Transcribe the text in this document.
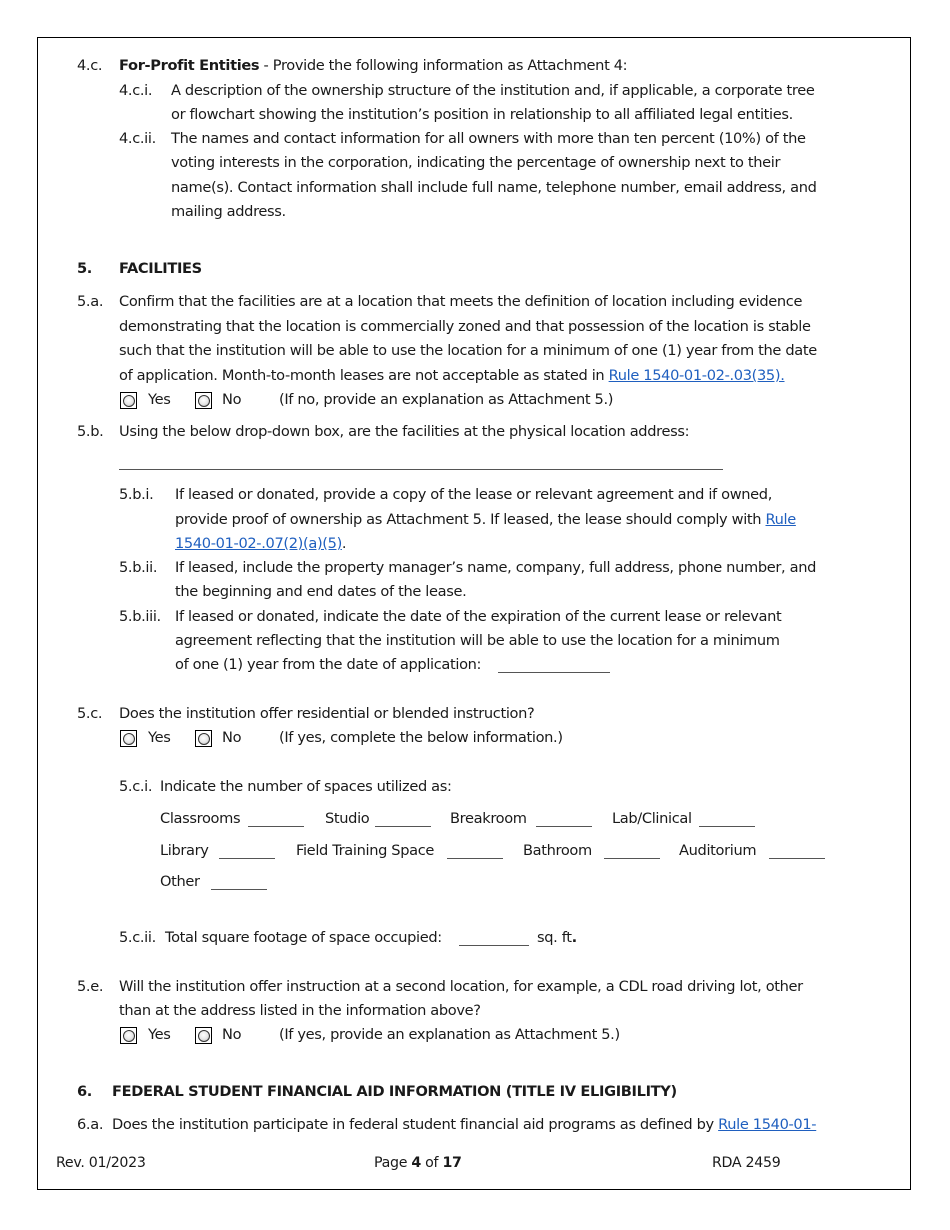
4.c. For-Profit Entities - Provide the following information as Attachment 4:
4.c.i. A description of the ownership structure of the institution and, if applicable, a corporate tree
or flowchart showing the institution’s position in relationship to all affiliated legal entities.
4.c.ii. The names and contact information for all owners with more than ten percent (10%) of the
voting interests in the corporation, indicating the percentage of ownership next to their
name(s). Contact information shall include full name, telephone number, email address, and
mailing address.
5. FACILITIES
5.a. Confirm that the facilities are at a location that meets the definition of location including evidence
demonstrating that the location is commercially zoned and that possession of the location is stable
such that the institution will be able to use the location for a minimum of one (1) year from the date
of application. Month-to-month leases are not acceptable as stated in Rule 1540-01-02-.03(35).
Yes	No	(If no, provide an explanation as Attachment 5.)
5.b. Using the below drop-down box, are the facilities at the physical location address:
5.b.i. If leased or donated, provide a copy of the lease or relevant agreement and if owned,
provide proof of ownership as Attachment 5. If leased, the lease should comply with Rule
1540-01-02-.07(2)(a)(5).
5.b.ii. If leased, include the property manager’s name, company, full address, phone number, and
the beginning and end dates of the lease.
5.b.iii. If leased or donated, indicate the date of the expiration of the current lease or relevant
agreement reflecting that the institution will be able to use the location for a minimum
of one (1) year from the date of application:
5.c. Does the institution offer residential or blended instruction?
Yes	No	(If yes, complete the below information.)
5.c.i. Indicate the number of spaces utilized as:
Classrooms	Studio	Breakroom	Lab/Clinical
Library	Field Training Space	Bathroom	Auditorium
Other
5.c.ii. Total square footage of space occupied:	sq. ft.
5.e. Will the institution offer instruction at a second location, for example, a CDL road driving lot, other
than at the address listed in the information above?
Yes	No	(If yes, provide an explanation as Attachment 5.)
6. FEDERAL STUDENT FINANCIAL AID INFORMATION (TITLE IV ELIGIBILITY)
6.a. Does the institution participate in federal student financial aid programs as defined by Rule 1540-01-
Rev. 01/2023	Page 4 of 17	RDA 2459
